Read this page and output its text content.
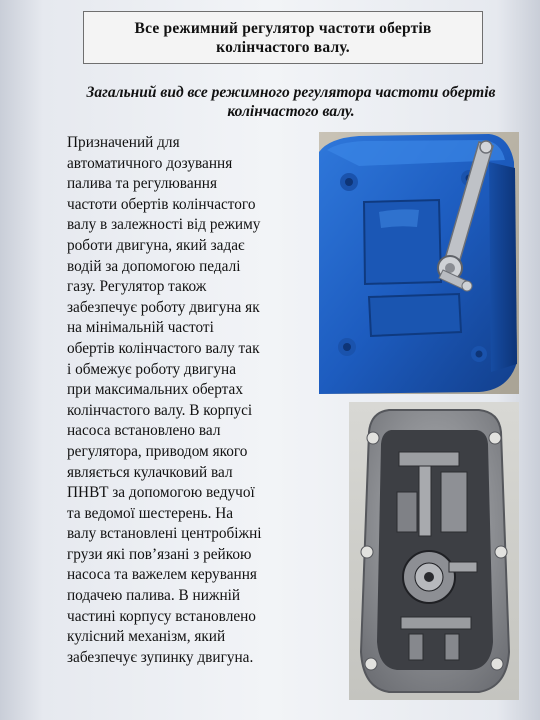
Все режимний регулятор частоти обертів колінчастого валу.
Загальний вид все режимного регулятора частоти обертів колінчастого валу.

Призначений для
автоматичного дозування
палива та регулювання
частоти обертів колінчастого
валу в залежності від режиму
роботи двигуна, який задає
водій за допомогою педалі
газу. Регулятор також
забезпечує роботу двигуна як
на мінімальній частоті
обертів колінчастого валу так
і обмежує роботу двигуна
при максимальних обертах
колінчастого валу. В корпусі
насоса встановлено вал
регулятора, приводом якого
являється кулачковий вал
ПНВТ за допомогою ведучої
та ведомої шестерень. На
валу встановлені центробіжні
грузи які пов’язані з рейкою
насоса та важелем керування
подачею палива. В нижній
частині корпусу встановлено
кулісний механізм, який
забезпечує зупинку двигуна.
